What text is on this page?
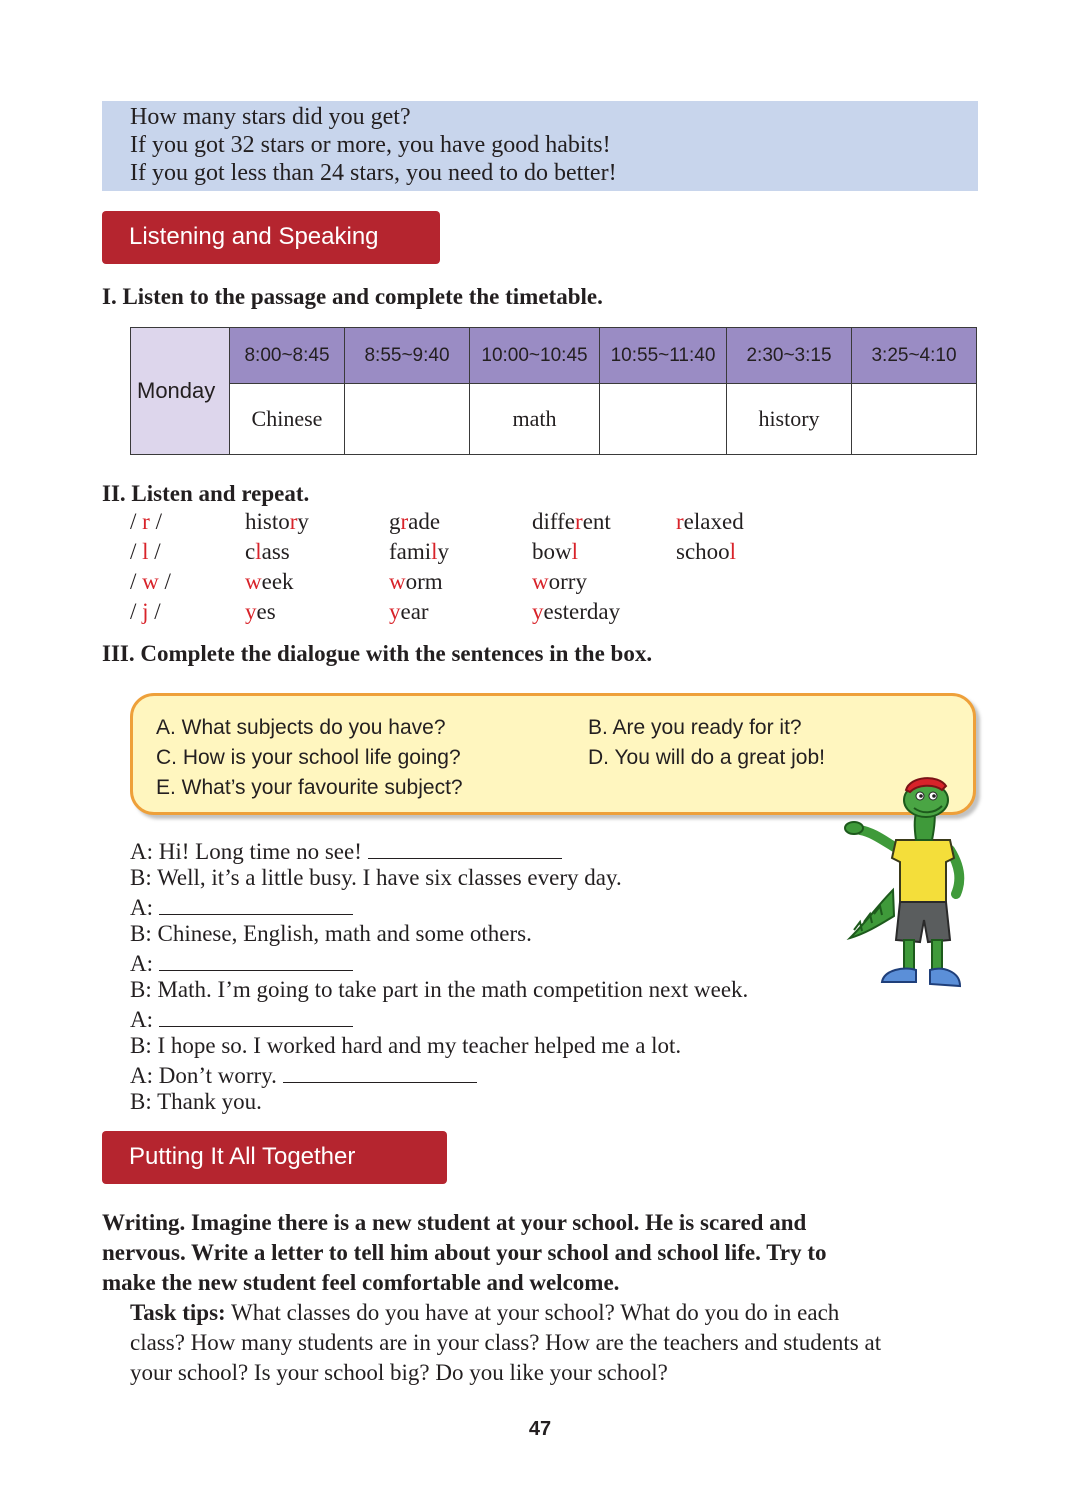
How many stars did you get?
If you got 32 stars or more, you have good habits!
If you got less than 24 stars, you need to do better!
Listening and Speaking
I. Listen to the passage and complete the timetable.
Monday	8:00~8:45	8:55~9:40	10:00~10:45	10:55~11:40	2:30~3:15	3:25~4:10
	Chinese		math		history	
II. Listen and repeat.
/ r /	history	grade	different	relaxed
/ l /	class	family	bowl	school
/ w /	week	worm	worry
/ j /	yes	year	yesterday
III. Complete the dialogue with the sentences in the box.
A. What subjects do you have?	B. Are you ready for it?
C. How is your school life going?	D. You will do a great job!
E. What’s your favourite subject?
A: Hi! Long time no see!
B: Well, it’s a little busy. I have six classes every day.
A:
B: Chinese, English, math and some others.
A:
B: Math. I’m going to take part in the math competition next week.
A:
B: I hope so. I worked hard and my teacher helped me a lot.
A: Don’t worry.
B: Thank you.
Putting It All Together
Writing. Imagine there is a new student at your school. He is scared and
nervous. Write a letter to tell him about your school and school life. Try to
make the new student feel comfortable and welcome.
Task tips: What classes do you have at your school? What do you do in each
class? How many students are in your class? How are the teachers and students at
your school? Is your school big? Do you like your school?
47
